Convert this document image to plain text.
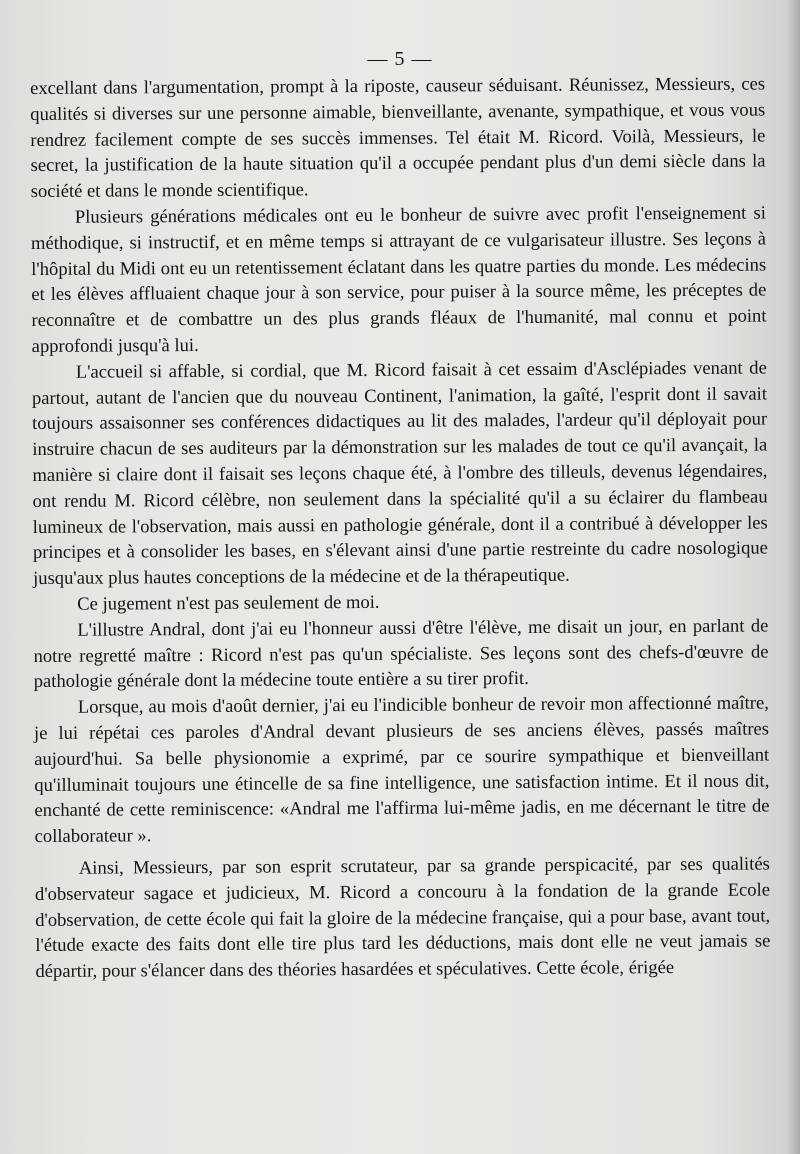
— 5 —

excellant dans l'argumentation, prompt à la riposte, causeur séduisant. Réunissez, Messieurs, ces qualités si diverses sur une personne aimable, bienveillante, avenante, sympathique, et vous vous rendrez facilement compte de ses succès immenses. Tel était M. Ricord. Voilà, Messieurs, le secret, la justification de la haute situation qu'il a occupée pendant plus d'un demi siècle dans la société et dans le monde scientifique.

Plusieurs générations médicales ont eu le bonheur de suivre avec profit l'enseignement si méthodique, si instructif, et en même temps si attrayant de ce vulgarisateur illustre. Ses leçons à l'hôpital du Midi ont eu un retentissement éclatant dans les quatre parties du monde. Les médecins et les élèves affluaient chaque jour à son service, pour puiser à la source même, les préceptes de reconnaître et de combattre un des plus grands fléaux de l'humanité, mal connu et point approfondi jusqu'à lui.

L'accueil si affable, si cordial, que M. Ricord faisait à cet essaim d'Asclépiades venant de partout, autant de l'ancien que du nouveau Continent, l'animation, la gaîté, l'esprit dont il savait toujours assaisonner ses conférences didactiques au lit des malades, l'ardeur qu'il déployait pour instruire chacun de ses auditeurs par la démonstration sur les malades de tout ce qu'il avançait, la manière si claire dont il faisait ses leçons chaque été, à l'ombre des tilleuls, devenus légendaires, ont rendu M. Ricord célèbre, non seulement dans la spécialité qu'il a su éclairer du flambeau lumineux de l'observation, mais aussi en pathologie générale, dont il a contribué à développer les principes et à consolider les bases, en s'élevant ainsi d'une partie restreinte du cadre nosologique jusqu'aux plus hautes conceptions de la médecine et de la thérapeutique.

Ce jugement n'est pas seulement de moi.

L'illustre Andral, dont j'ai eu l'honneur aussi d'être l'élève, me disait un jour, en parlant de notre regretté maître : Ricord n'est pas qu'un spécialiste. Ses leçons sont des chefs-d'œuvre de pathologie générale dont la médecine toute entière a su tirer profit.

Lorsque, au mois d'août dernier, j'ai eu l'indicible bonheur de revoir mon affectionné maître, je lui répétai ces paroles d'Andral devant plusieurs de ses anciens élèves, passés maîtres aujourd'hui. Sa belle physionomie a exprimé, par ce sourire sympathique et bienveillant qu'illuminait toujours une étincelle de sa fine intelligence, une satisfaction intime. Et il nous dit, enchanté de cette reminiscence: «Andral me l'affirma lui-même jadis, en me décernant le titre de collaborateur ».

Ainsi, Messieurs, par son esprit scrutateur, par sa grande perspicacité, par ses qualités d'observateur sagace et judicieux, M. Ricord a concouru à la fondation de la grande Ecole d'observation, de cette école qui fait la gloire de la médecine française, qui a pour base, avant tout, l'étude exacte des faits dont elle tire plus tard les déductions, mais dont elle ne veut jamais se départir, pour s'élancer dans des théories hasardées et spéculatives. Cette école, érigée
